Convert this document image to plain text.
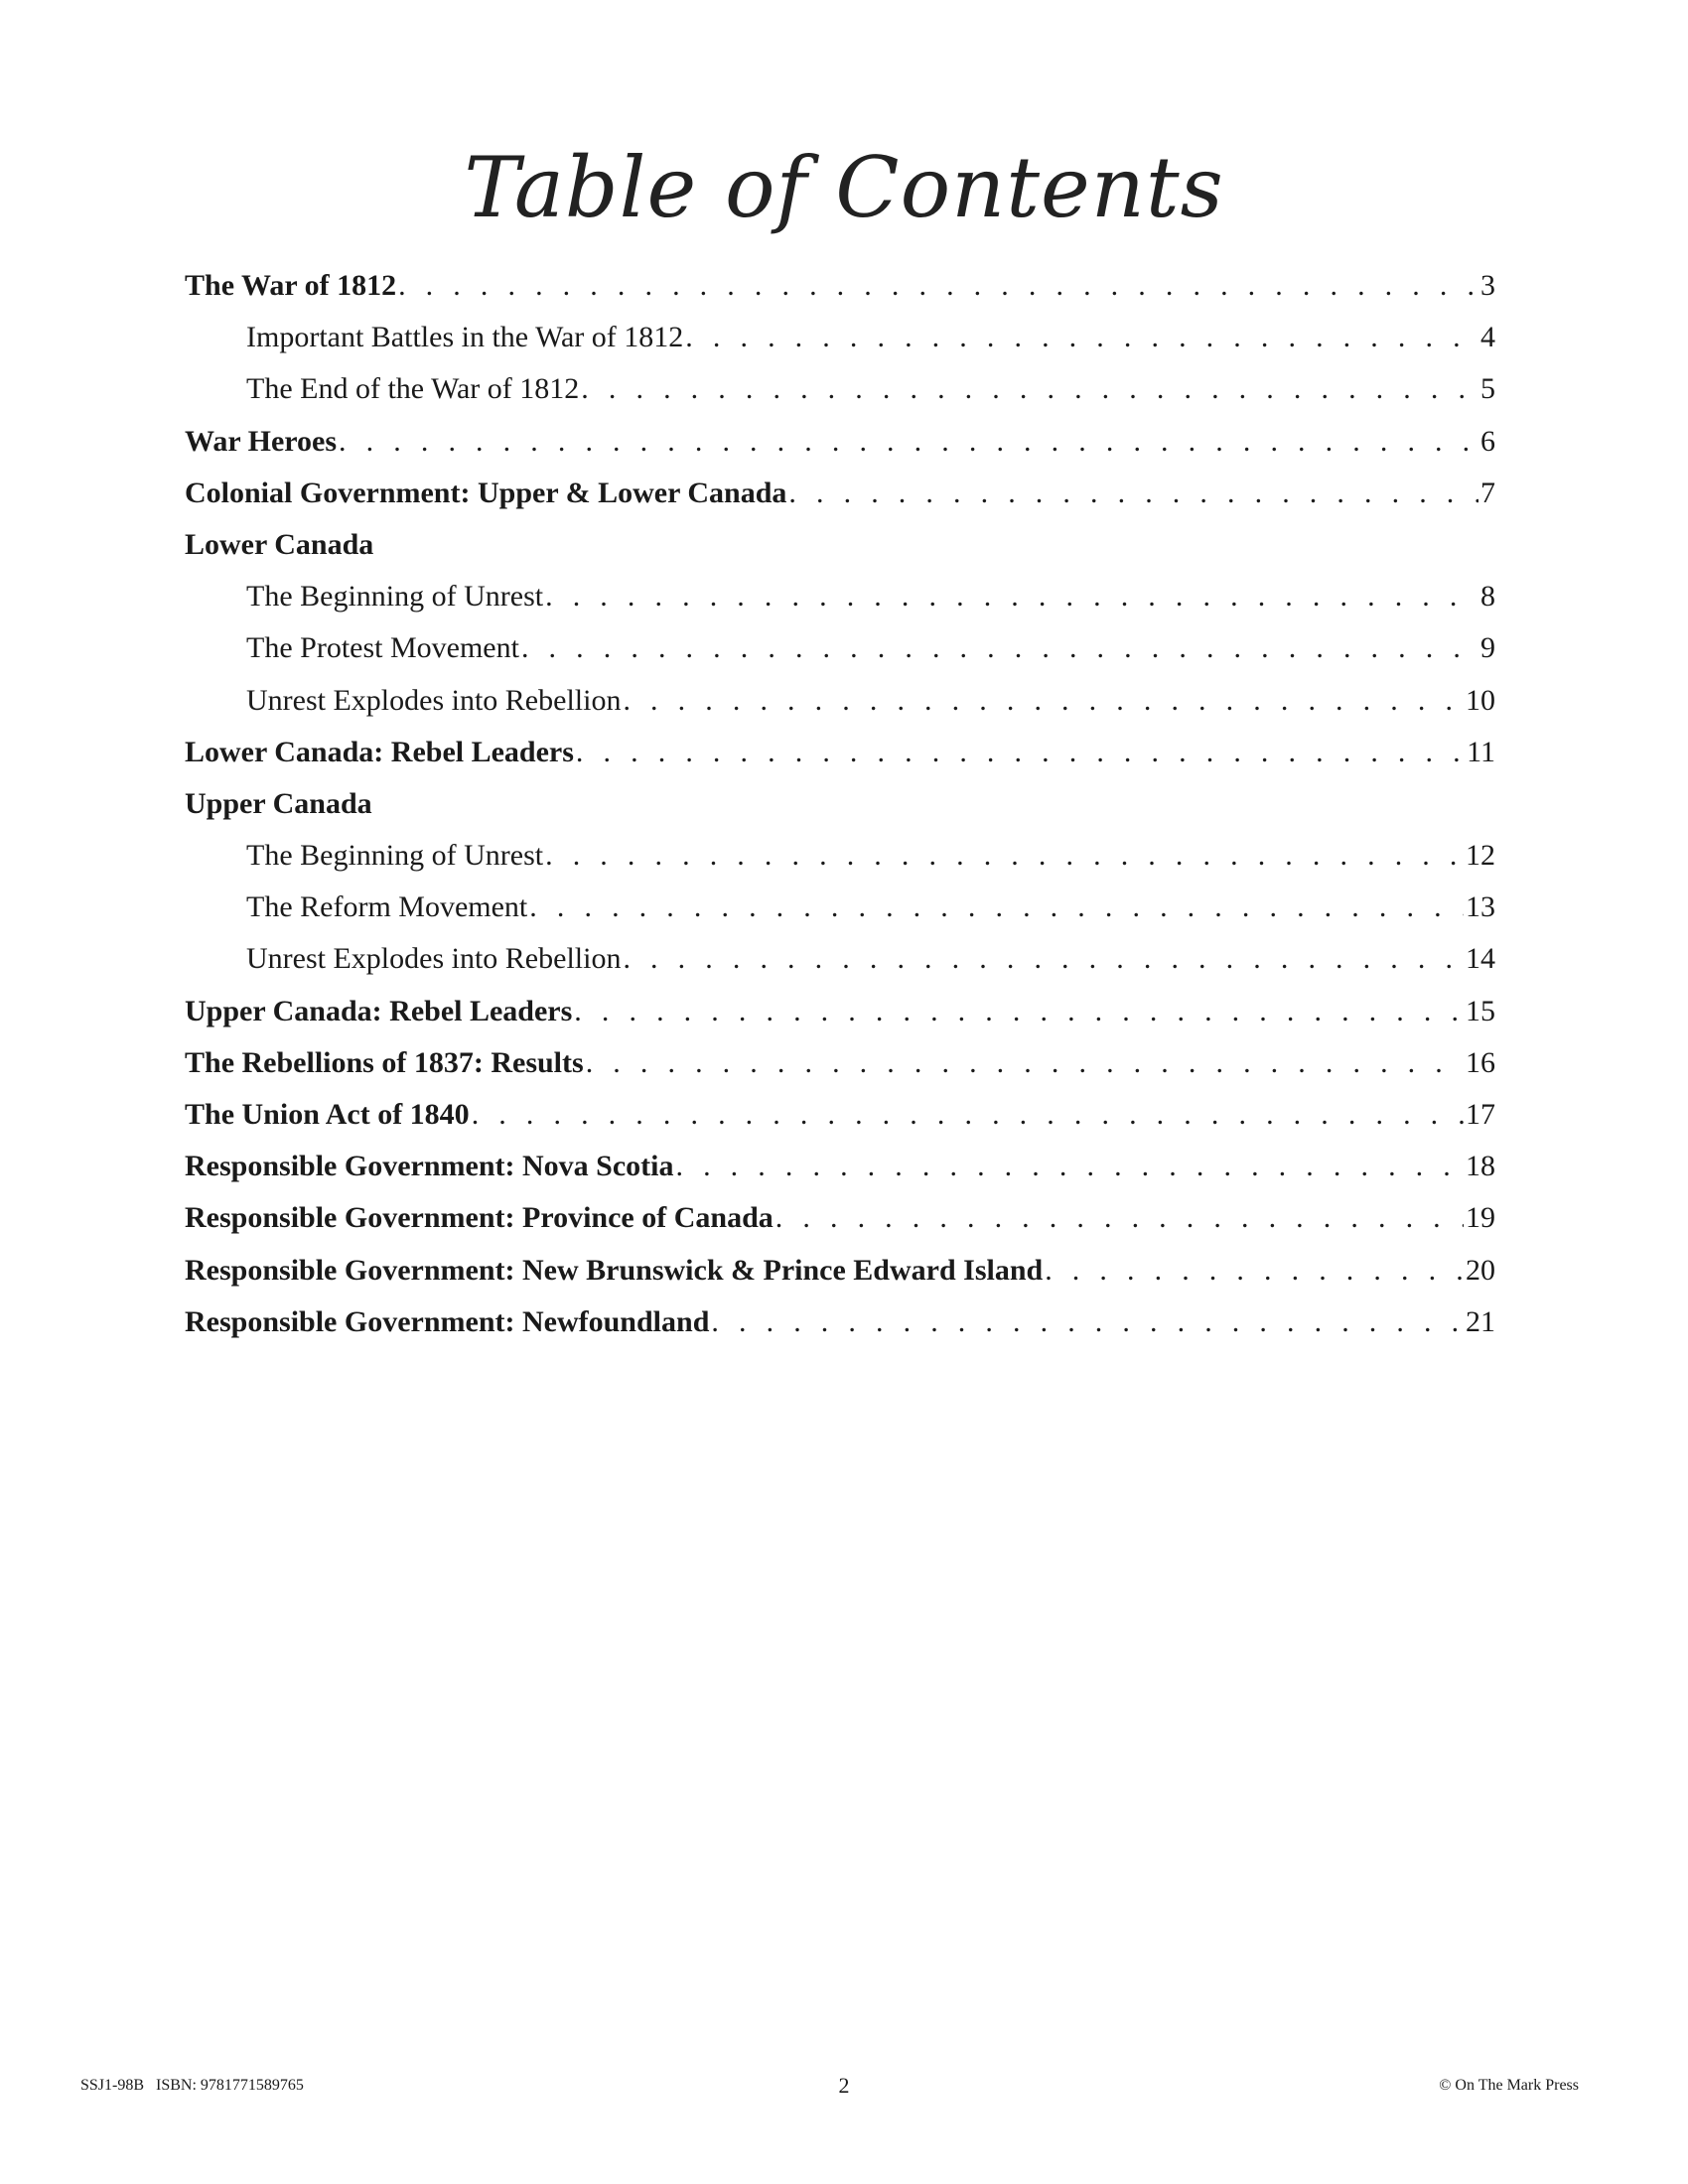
Table of Contents
The War of 1812 . . .	3
Important Battles in the War of 1812 . . .	4
The End of the War of 1812 . . .	5
War Heroes . . .	6
Colonial Government: Upper & Lower Canada . . .	7
Lower Canada
The Beginning of Unrest . . .	8
The Protest Movement . . .	9
Unrest Explodes into Rebellion . . .	10
Lower Canada: Rebel Leaders . . .	11
Upper Canada
The Beginning of Unrest . . .	12
The Reform Movement . . .	13
Unrest Explodes into Rebellion . . .	14
Upper Canada: Rebel Leaders . . .	15
The Rebellions of 1837: Results . . .	16
The Union Act of 1840 . . .	17
Responsible Government: Nova Scotia . . .	18
Responsible Government: Province of Canada . . .	19
Responsible Government: New Brunswick & Prince Edward Island . . .	20
Responsible Government: Newfoundland . . .	21
SSJ1-98B   ISBN: 9781771589765	2	© On The Mark Press
